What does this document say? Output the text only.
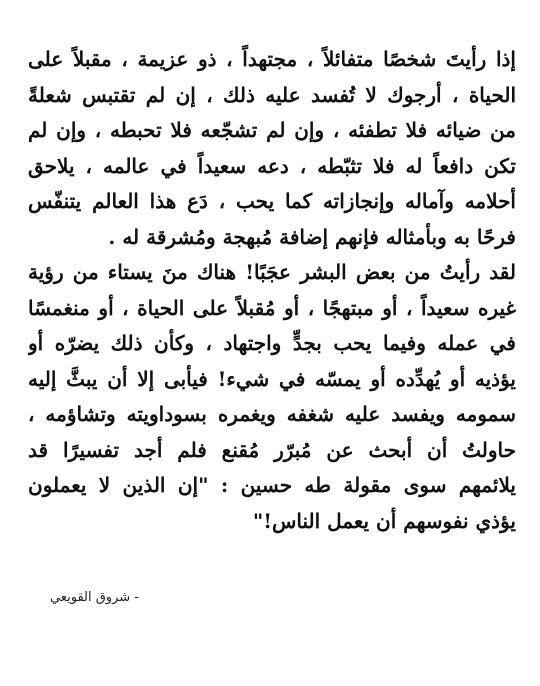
إذا رأيتَ شخصًا متفائلاً ، مجتهداً ، ذو عزيمة ، مقبلاً على
الحياة ، أرجوك لا تُفسد عليه ذلك ، إن لم تقتبس شعلةً
من ضيائه فلا تطفئه ، وإن لم تشجّعه فلا تحبطه ، وإن لم
تكن دافعاً له فلا تثبّطه ، دعه سعيداً في عالمه ، يلاحق
أحلامه وآماله وإنجازاته كما يحب ، دَع هذا العالم يتنفّس
فرحًا به وبأمثاله فإنهم إضافة مُبهجة ومُشرقة له .
لقد رأيتُ من بعض البشر عجَبًا! هناك منَ يستاء من رؤية
غيره سعيداً ، أو مبتهجًا ، أو مُقبلاً على الحياة ، أو منغمسًا
في عمله وفيما يحب بجدٍّ واجتهاد ، وكأن ذلك يضرّه أو
يؤذيه أو يُهدِّده أو يمسّه في شيء! فيأبى إلا أن يبثَّ إليه
سمومه ويفسد عليه شغفه ويغمره بسوداويته وتشاؤمه ،
حاولتُ أن أبحث عن مُبرّر مُقنع فلم أجد تفسيرًا قد
يلائمهم سوى مقولة طه حسين : "إن الذين لا يعملون
يؤذي نفوسهم أن يعمل الناس!"
- شروق القويعي
